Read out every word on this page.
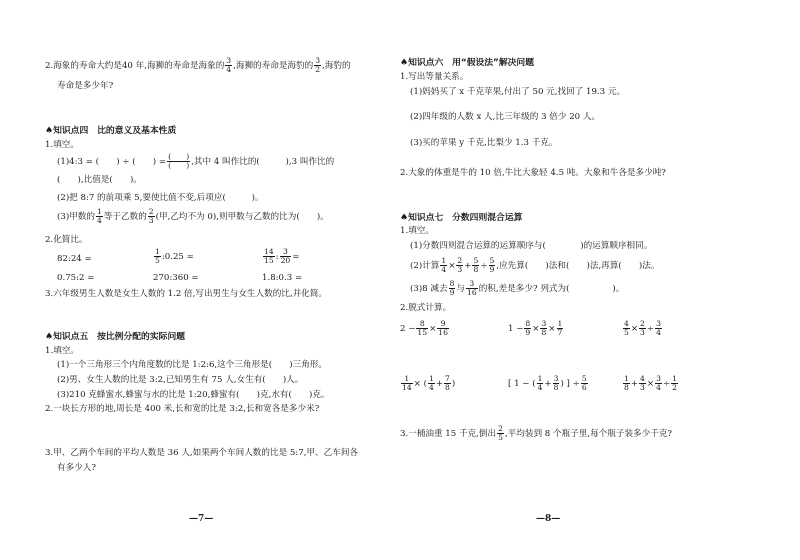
2.海象的寿命大约是40 年,海狮的寿命是海象的 $\frac{3}{4}$ ,海狮的寿命是海豹的 $\frac{3}{2}$ ,海豹的
寿命是多少年?
♠知识点四　比的意义及基本性质
1.填空。
(1)4:3 = (　　) ÷ (　　) = $\frac{( )}{( )}$ ,其中 4 叫作比的(　　　),3 叫作比的
(　　),比值是(　　)。
(2)把 8:7 的前项乘 5,要使比值不变,后项应(　　　)。
(3)甲数的 $\frac{1}{4}$ 等于乙数的 $\frac{2}{3}$ (甲,乙均不为 0),则甲数与乙数的比为(　　)。
2.化简比。
82:24 =	$\frac{1}{5}$ :0.25 =	$\frac{14}{15}$ : $\frac{3}{20}$ =
0.75:2 =	270:360 =	1.8:0.3 =
3.六年级男生人数是女生人数的 1.2 倍,写出男生与女生人数的比,并化简。
♠知识点五　按比例分配的实际问题
1.填空。
(1)一个三角形三个内角度数的比是 1:2:6,这个三角形是(　　)三角形。
(2)男、女生人数的比是 3:2,已知男生有 75 人,女生有(　　)人。
(3)210 克蜂蜜水,蜂蜜与水的比是 1:20,蜂蜜有(　　)克,水有(　　)克。
2.一块长方形的地,周长是 400 米,长和宽的比是 3:2,长和宽各是多少米?
3.甲、乙两个车间的平均人数是 36 人,如果两个车间人数的比是 5:7,甲、乙车间各
有多少人?
—7—
♠知识点六　用“假设法”解决问题
1.写出等量关系。
(1)妈妈买了 x 千克苹果,付出了 50 元,找回了 19.3 元。
(2)四年级的人数 x 人,比三年级的 3 倍少 20 人。
(3)买的苹果 y 千克,比梨少 1.3 千克。
2.大象的体重是牛的 10 倍,牛比大象轻 4.5 吨。大象和牛各是多少吨?
♠知识点七　分数四则混合运算
1.填空。
(1)分数四则混合运算的运算顺序与(　　　　)的运算顺序相同。
(2)计算 $\frac{1}{4} \times \frac{2}{3} + \frac{5}{8} \div \frac{5}{9}$ ,应先算(　　)法和(　　)法,再算(　　)法。
(3)8 减去 $\frac{8}{9}$ 与 $\frac{3}{16}$ 的积,差是多少? 列式为(　　　　　)。
2.脱式计算。
$2 - \frac{8}{15} \times \frac{9}{16}$	$1 - \frac{8}{9} \times \frac{3}{8} \times \frac{1}{7}$	$\frac{4}{5} \times \frac{2}{3} \div \frac{3}{4}$
$\frac{1}{14}$ × ( $\frac{1}{4} + \frac{7}{8}$ )	[ 1 − ( $\frac{1}{4} + \frac{3}{8}$ ) ] ÷ $\frac{5}{6}$	$\frac{1}{8} + \frac{4}{3} \times \frac{3}{4} \div \frac{1}{2}$
3.一桶油重 15 千克,倒出 $\frac{2}{5}$ ,平均装到 8 个瓶子里,每个瓶子装多少千克?
—8—
